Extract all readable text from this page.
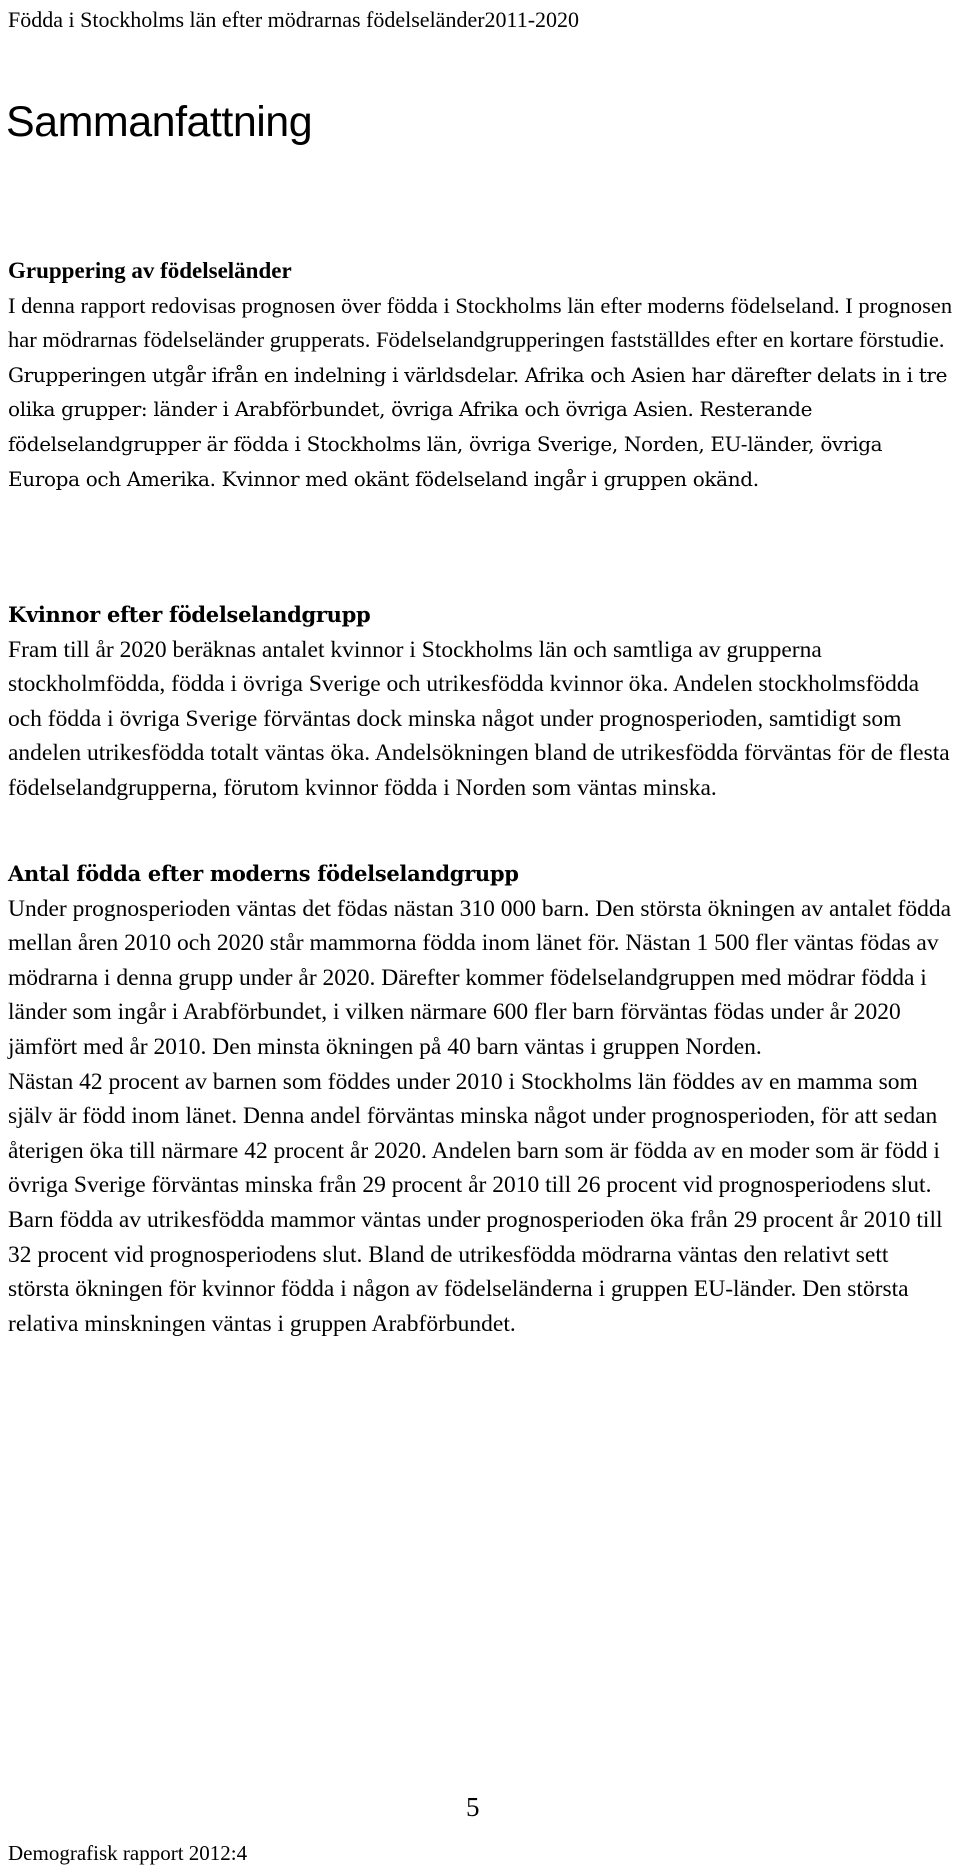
Födda i Stockholms län efter mödrarnas födelseländer2011-2020
Sammanfattning
Gruppering av födelseländer

I denna rapport redovisas prognosen över födda i Stockholms län efter moderns födelseland. I prognosen har mödrarnas födelseländer grupperats. Födelselandgrupperingen fastställdes efter en kortare förstudie. Grupperingen utgår ifrån en indelning i världsdelar. Afrika och Asien har därefter delats in i tre olika grupper: länder i Arabförbundet, övriga Afrika och övriga Asien. Resterande födelselandgrupper är födda i Stockholms län, övriga Sverige, Norden, EU-länder, övriga Europa och Amerika. Kvinnor med okänt födelseland ingår i gruppen okänd.

Kvinnor efter födelselandgrupp

Fram till år 2020 beräknas antalet kvinnor i Stockholms län och samtliga av grupperna stockholmfödda, födda i övriga Sverige och utrikesfödda kvinnor öka. Andelen stockholmsfödda och födda i övriga Sverige förväntas dock minska något under prognosperioden, samtidigt som andelen utrikesfödda totalt väntas öka. Andelsökningen bland de utrikesfödda förväntas för de flesta födelselandgrupperna, förutom kvinnor födda i Norden som väntas minska.

Antal födda efter moderns födelselandgrupp

Under prognosperioden väntas det födas nästan 310 000 barn. Den största ökningen av antalet födda mellan åren 2010 och 2020 står mammorna födda inom länet för. Nästan 1 500 fler väntas födas av mödrarna i denna grupp under år 2020. Därefter kommer födelselandgruppen med mödrar födda i länder som ingår i Arabförbundet, i vilken närmare 600 fler barn förväntas födas under år 2020 jämfört med år 2010. Den minsta ökningen på 40 barn väntas i gruppen Norden.

Nästan 42 procent av barnen som föddes under 2010 i Stockholms län föddes av en mamma som själv är född inom länet. Denna andel förväntas minska något under prognosperioden, för att sedan återigen öka till närmare 42 procent år 2020. Andelen barn som är födda av en moder som är född i övriga Sverige förväntas minska från 29 procent år 2010 till 26 procent vid prognosperiodens slut. Barn födda av utrikesfödda mammor väntas under prognosperioden öka från 29 procent år 2010 till 32 procent vid prognosperiodens slut. Bland de utrikesfödda mödrarna väntas den relativt sett största ökningen för kvinnor födda i någon av födelseländerna i gruppen EU-länder. Den största relativa minskningen väntas i gruppen Arabförbundet.

5
Demografisk rapport 2012:4
